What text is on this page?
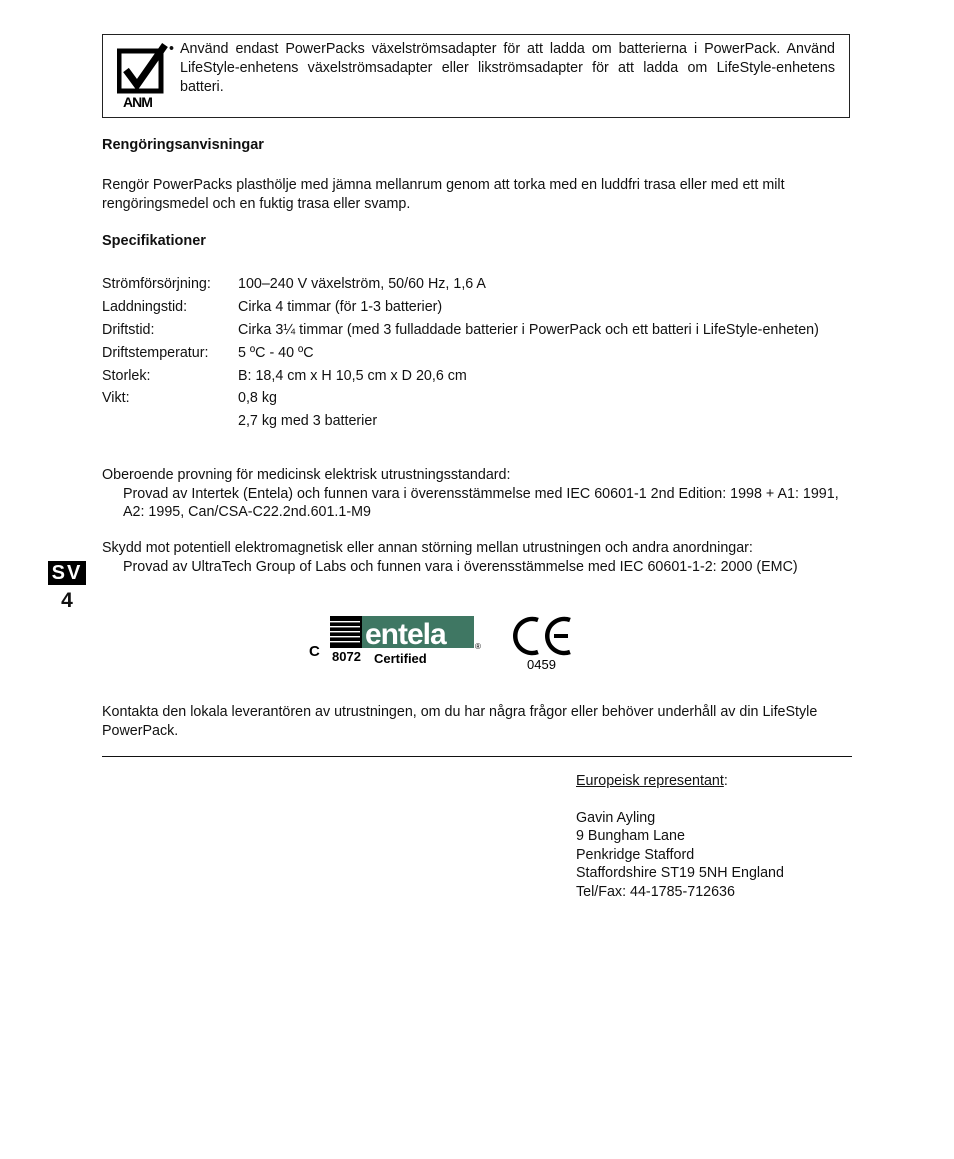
ANM
• Använd endast PowerPacks växelströmsadapter för att ladda om batterierna i PowerPack. Använd LifeStyle-enhetens växelströmsadapter eller likströmsadapter för att ladda om LifeStyle-enhetens batteri.
Rengöringsanvisningar
Rengör PowerPacks plasthölje med jämna mellanrum genom att torka med en luddfri trasa eller med ett milt rengöringsmedel och en fuktig trasa eller svamp.
Specifikationer
Strömförsörjning:	100–240 V växelström, 50/60 Hz, 1,6 A
Laddningstid:	Cirka 4 timmar (för 1-3 batterier)
Driftstid:	Cirka 3¼ timmar (med 3 fulladdade batterier i PowerPack och ett batteri i LifeStyle-enheten)
Driftstemperatur:	5 ºC - 40 ºC
Storlek:	B: 18,4 cm x H 10,5 cm x D 20,6 cm
Vikt:	0,8 kg
	2,7 kg med 3 batterier
Oberoende provning för medicinsk elektrisk utrustningsstandard:
Provad av Intertek (Entela) och funnen vara i överensstämmelse med IEC 60601-1 2nd Edition: 1998 + A1: 1991, A2: 1995, Can/CSA-C22.2nd.601.1-M9
Skydd mot potentiell elektromagnetisk eller annan störning mellan utrustningen och andra anordningar:
Provad av UltraTech Group of Labs och funnen vara i överensstämmelse med IEC 60601-1-2: 2000 (EMC)
SV
4
C
entela	®
8072 Certified	0459
Kontakta den lokala leverantören av utrustningen, om du har några frågor eller behöver underhåll av din LifeStyle PowerPack.
Europeisk representant:
Gavin Ayling
9 Bungham Lane
Penkridge Stafford
Staffordshire ST19 5NH England
Tel/Fax: 44-1785-712636
